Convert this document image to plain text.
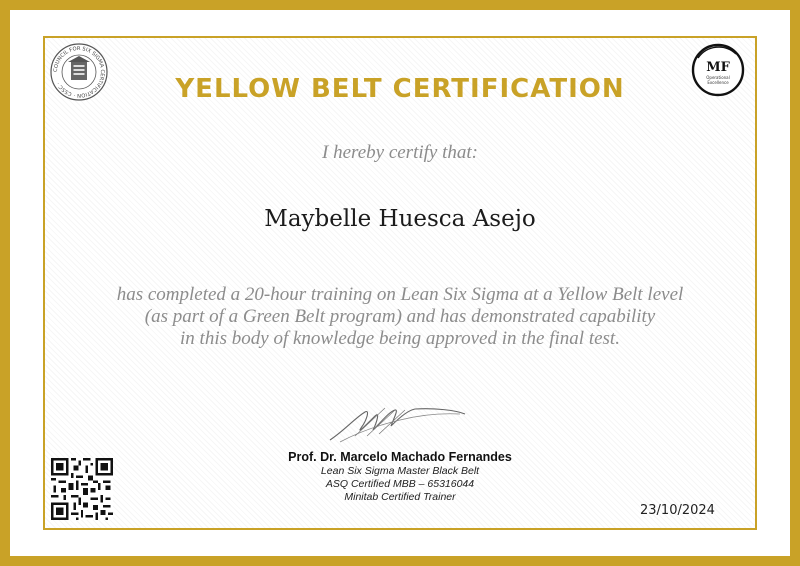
COUNCIL FOR SIX SIGMA CERTIFICATION · CSSC ·
MF
Operational
Excellence
YELLOW BELT CERTIFICATION
I hereby certify that:
Maybelle Huesca Asejo
has completed a 20-hour training on Lean Six Sigma at a Yellow Belt level
(as part of a Green Belt program) and has demonstrated capability
in this body of knowledge being approved in the final test.
Prof. Dr. Marcelo Machado Fernandes
Lean Six Sigma Master Black Belt
ASQ Certified MBB – 65316044
Minitab Certified Trainer
23/10/2024
